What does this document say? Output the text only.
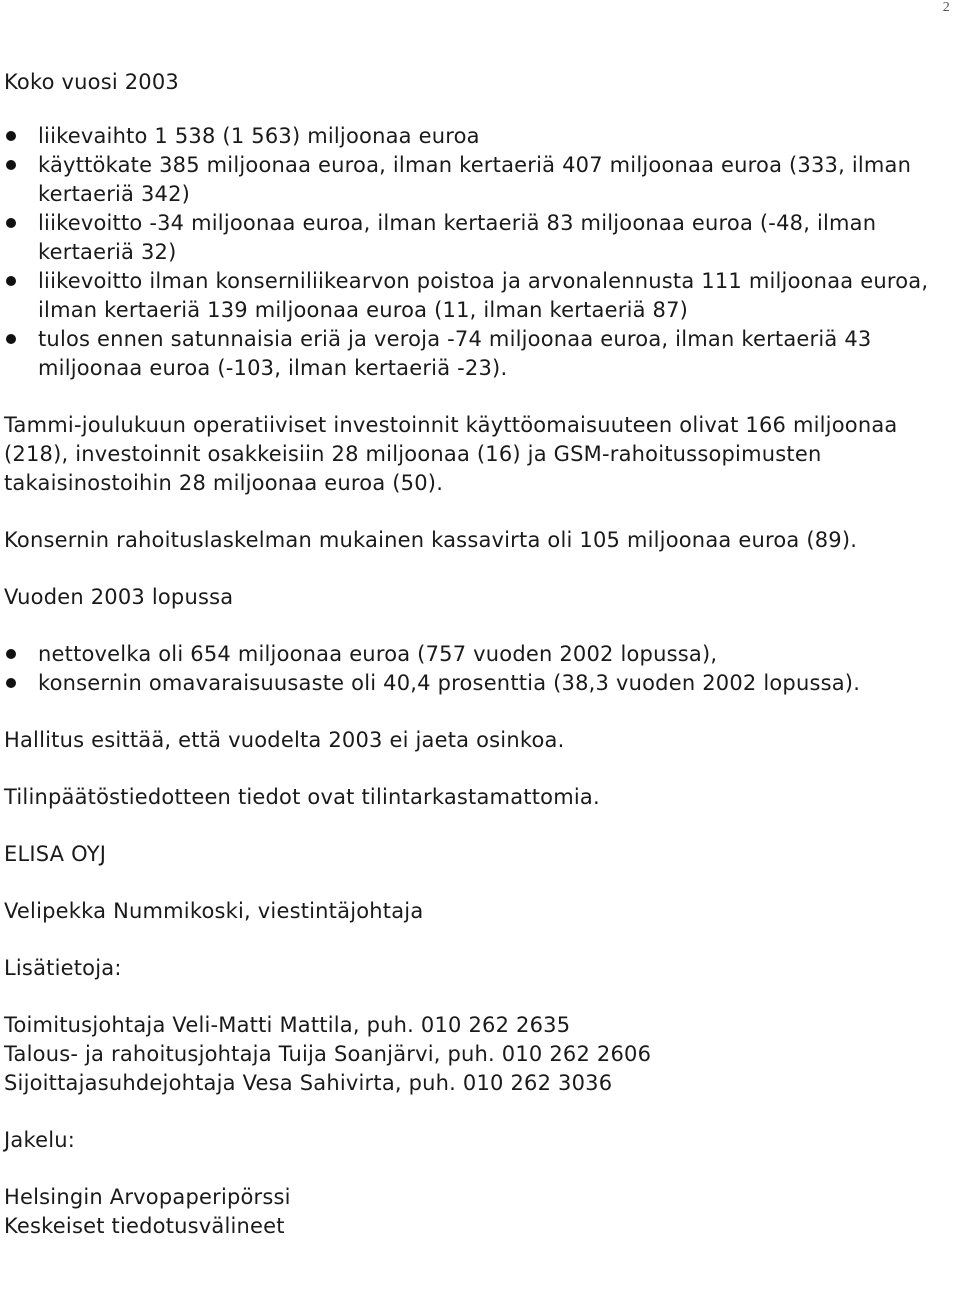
2

Koko vuosi 2003

liikevaihto 1 538 (1 563) miljoonaa euroa
käyttökate 385 miljoonaa euroa, ilman kertaeriä 407 miljoonaa euroa (333, ilman kertaeriä 342)
liikevoitto -34 miljoonaa euroa, ilman kertaeriä 83 miljoonaa euroa (-48, ilman kertaeriä 32)
liikevoitto ilman konserniliikearvon poistoa ja arvonalennusta 111 miljoonaa euroa, ilman kertaeriä 139 miljoonaa euroa (11, ilman kertaeriä 87)
tulos ennen satunnaisia eriä ja veroja -74 miljoonaa euroa, ilman kertaeriä 43 miljoonaa euroa (-103, ilman kertaeriä -23).

Tammi-joulukuun operatiiviset investoinnit käyttöomaisuuteen olivat 166 miljoonaa (218), investoinnit osakkeisiin 28 miljoonaa (16) ja GSM-rahoitussopimusten takaisinostoihin 28 miljoonaa euroa (50).

Konsernin rahoituslaskelman mukainen kassavirta oli 105 miljoonaa euroa (89).

Vuoden 2003 lopussa

nettovelka oli 654 miljoonaa euroa (757 vuoden 2002 lopussa),
konsernin omavaraisuusaste oli 40,4 prosenttia (38,3 vuoden 2002 lopussa).

Hallitus esittää, että vuodelta 2003 ei jaeta osinkoa.

Tilinpäätöstiedotteen tiedot ovat tilintarkastamattomia.

ELISA OYJ

Velipekka Nummikoski, viestintäjohtaja

Lisätietoja:

Toimitusjohtaja Veli-Matti Mattila, puh. 010 262 2635
Talous- ja rahoitusjohtaja Tuija Soanjärvi, puh. 010 262 2606
Sijoittajasuhdejohtaja Vesa Sahivirta, puh. 010 262 3036

Jakelu:

Helsingin Arvopaperipörssi
Keskeiset tiedotusvälineet
